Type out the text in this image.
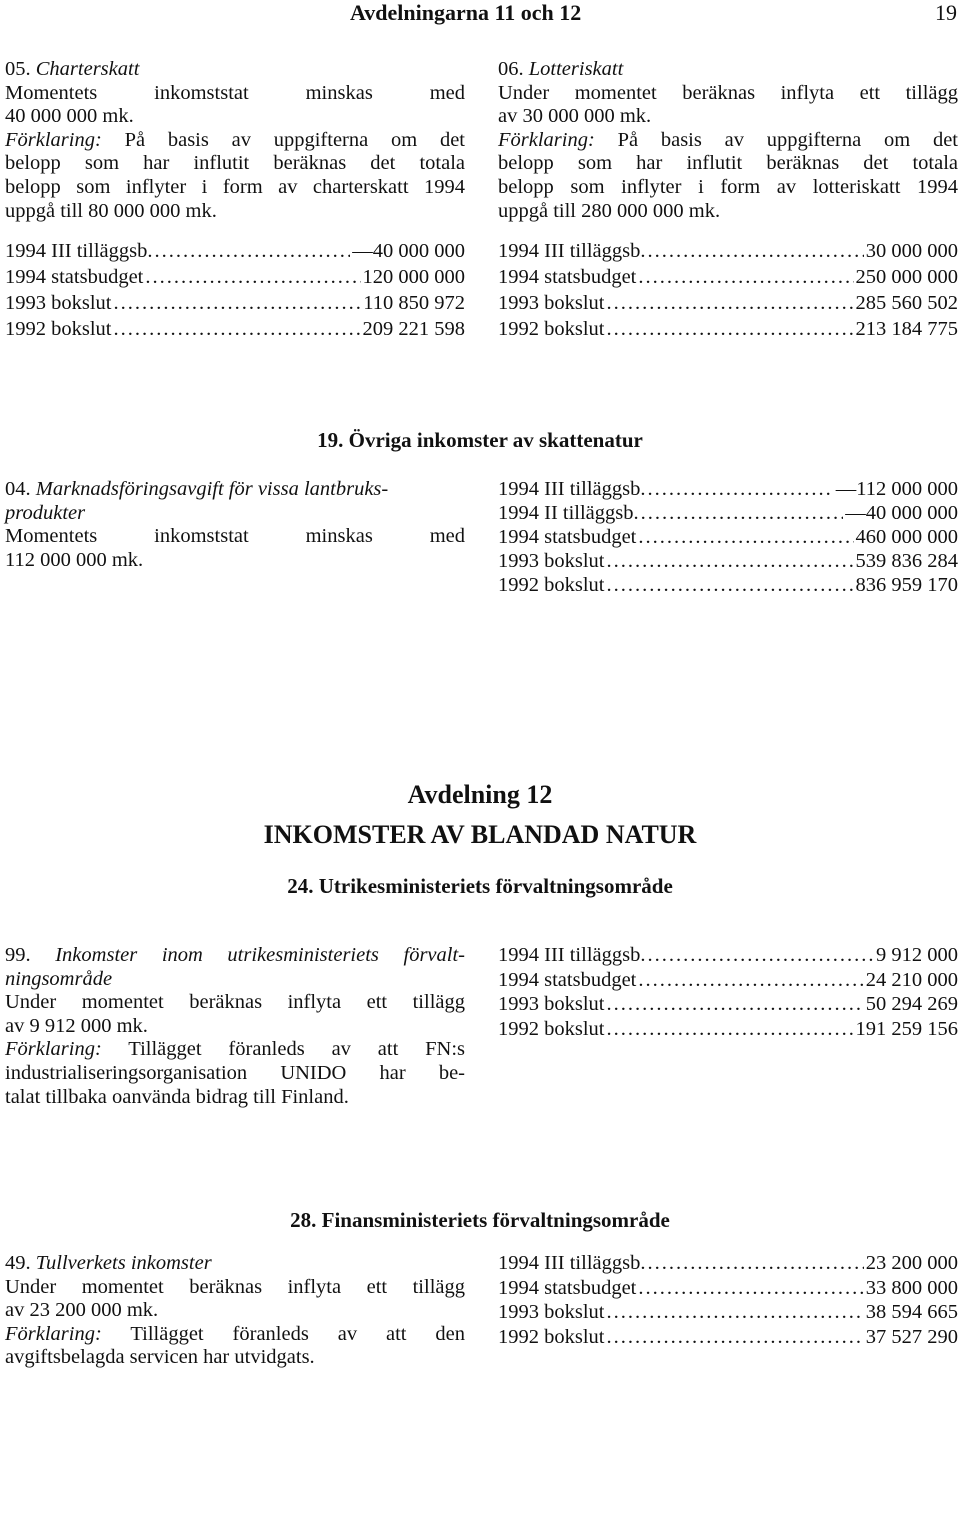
Avdelningarna 11 och 12	19
05. Charterskatt
Momentets inkomststat minskas med
40 000 000 mk.
Förklaring: På basis av uppgifterna om det
belopp som har influtit beräknas det totala
belopp som inflyter i form av charterskatt 1994
uppgå till 80 000 000 mk.
1994 III tilläggsb. .....	—40 000 000
1994 statsbudget .....	120 000 000
1993 bokslut .....	110 850 972
1992 bokslut .....	209 221 598
06. Lotteriskatt
Under momentet beräknas inflyta ett tillägg
av 30 000 000 mk.
Förklaring: På basis av uppgifterna om det
belopp som har influtit beräknas det totala
belopp som inflyter i form av lotteriskatt 1994
uppgå till 280 000 000 mk.
1994 III tilläggsb. .....	30 000 000
1994 statsbudget .....	250 000 000
1993 bokslut .....	285 560 502
1992 bokslut .....	213 184 775
19. Övriga inkomster av skattenatur
04. Marknadsföringsavgift för vissa lantbruks-
produkter
Momentets inkomststat minskas med
112 000 000 mk.
1994 III tilläggsb. .....	—112 000 000
1994 II tilläggsb. .....	—40 000 000
1994 statsbudget .....	460 000 000
1993 bokslut .....	539 836 284
1992 bokslut .....	836 959 170
Avdelning 12
INKOMSTER AV BLANDAD NATUR
24. Utrikesministeriets förvaltningsområde
99. Inkomster inom utrikesministeriets förvalt-
ningsområde
Under momentet beräknas inflyta ett tillägg
av 9 912 000 mk.
Förklaring: Tillägget föranleds av att FN:s
industrialiseringsorganisation UNIDO har be-
talat tillbaka oanvända bidrag till Finland.
1994 III tilläggsb. .....	9 912 000
1994 statsbudget .....	24 210 000
1993 bokslut .....	50 294 269
1992 bokslut .....	191 259 156
28. Finansministeriets förvaltningsområde
49. Tullverkets inkomster
Under momentet beräknas inflyta ett tillägg
av 23 200 000 mk.
Förklaring: Tillägget föranleds av att den
avgiftsbelagda servicen har utvidgats.
1994 III tilläggsb. .....	23 200 000
1994 statsbudget .....	33 800 000
1993 bokslut .....	38 594 665
1992 bokslut .....	37 527 290
